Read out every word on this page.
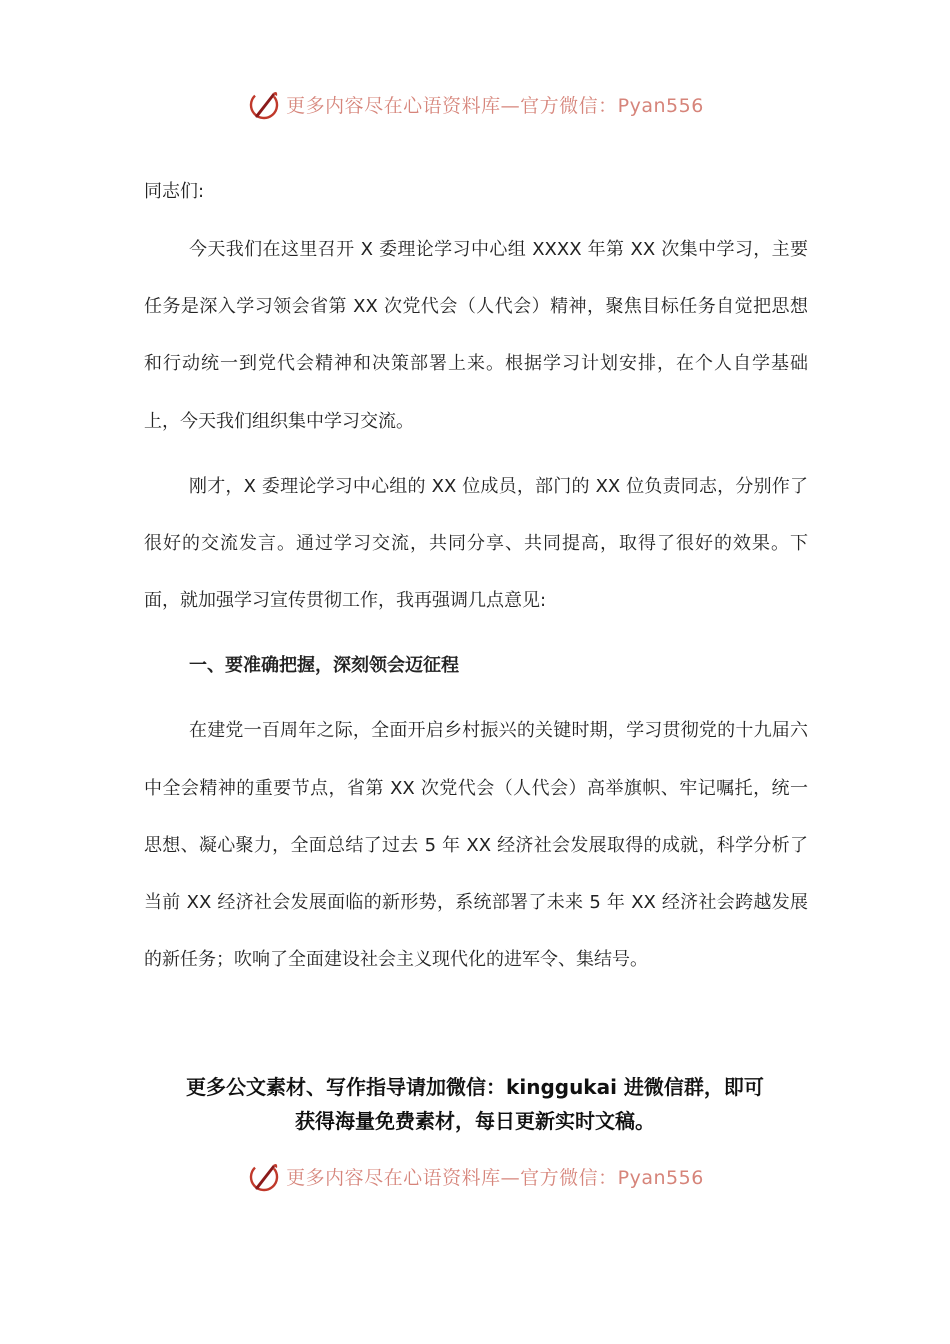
更多内容尽在心语资料库—官方微信：Pyan556

同志们:

今天我们在这里召开 X 委理论学习中心组 XXXX 年第 XX 次集中学习，主要任务是深入学习领会省第 XX 次党代会（人代会）精神，聚焦目标任务自觉把思想和行动统一到党代会精神和决策部署上来。根据学习计划安排，在个人自学基础上，今天我们组织集中学习交流。

刚才，X 委理论学习中心组的 XX 位成员，部门的 XX 位负责同志，分别作了很好的交流发言。通过学习交流，共同分享、共同提高，取得了很好的效果。下面，就加强学习宣传贯彻工作，我再强调几点意见:

一、要准确把握，深刻领会迈征程

在建党一百周年之际，全面开启乡村振兴的关键时期，学习贯彻党的十九届六中全会精神的重要节点，省第 XX 次党代会（人代会）高举旗帜、牢记嘱托，统一思想、凝心聚力，全面总结了过去 5 年 XX 经济社会发展取得的成就，科学分析了当前 XX 经济社会发展面临的新形势，系统部署了未来 5 年 XX 经济社会跨越发展的新任务；吹响了全面建设社会主义现代化的进军令、集结号。

更多公文素材、写作指导请加微信：kinggukai 进微信群，即可
获得海量免费素材，每日更新实时文稿。
更多内容尽在心语资料库—官方微信：Pyan556
